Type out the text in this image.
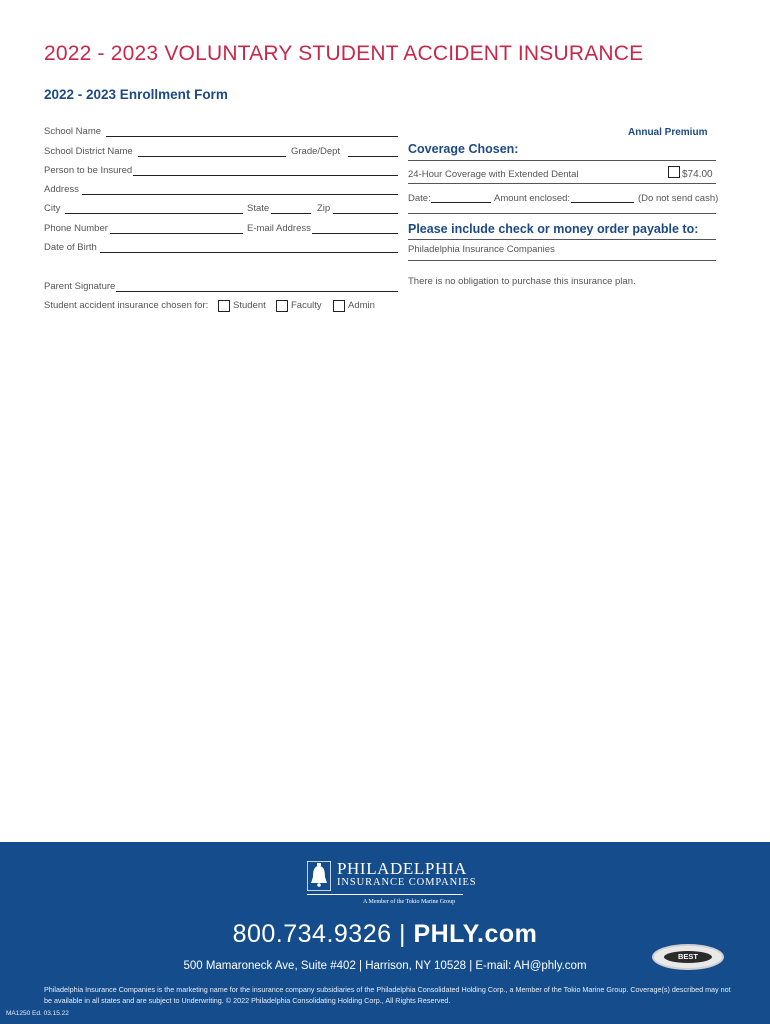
2022 - 2023 VOLUNTARY STUDENT ACCIDENT INSURANCE
2022 - 2023 Enrollment Form
School Name
School District Name	Grade/Dept
Person to be Insured
Address
City	State	Zip
Phone Number	E-mail Address
Date of Birth
Parent Signature
Student accident insurance chosen for:	Student	Faculty	Admin
Annual Premium
Coverage Chosen:
24-Hour Coverage with Extended Dental	$74.00
Date:	Amount enclosed:	(Do not send cash)
Please include check or money order payable to:
Philadelphia Insurance Companies
There is no obligation to purchase this insurance plan.
PHILADELPHIA
INSURANCE COMPANIES
A Member of the Tokio Marine Group
800.734.9326 | PHLY.com
500 Mamaroneck Ave, Suite #402 | Harrison, NY 10528 | E-mail: AH@phly.com
BEST
Philadelphia Insurance Companies is the marketing name for the insurance company subsidiaries of the Philadelphia Consolidated Holding Corp., a Member of the Tokio Marine Group. Coverage(s) described may not be available in all states and are subject to Underwriting. © 2022 Philadelphia Consolidating Holding Corp., All Rights Reserved.
MA1250 Ed. 03.15.22
